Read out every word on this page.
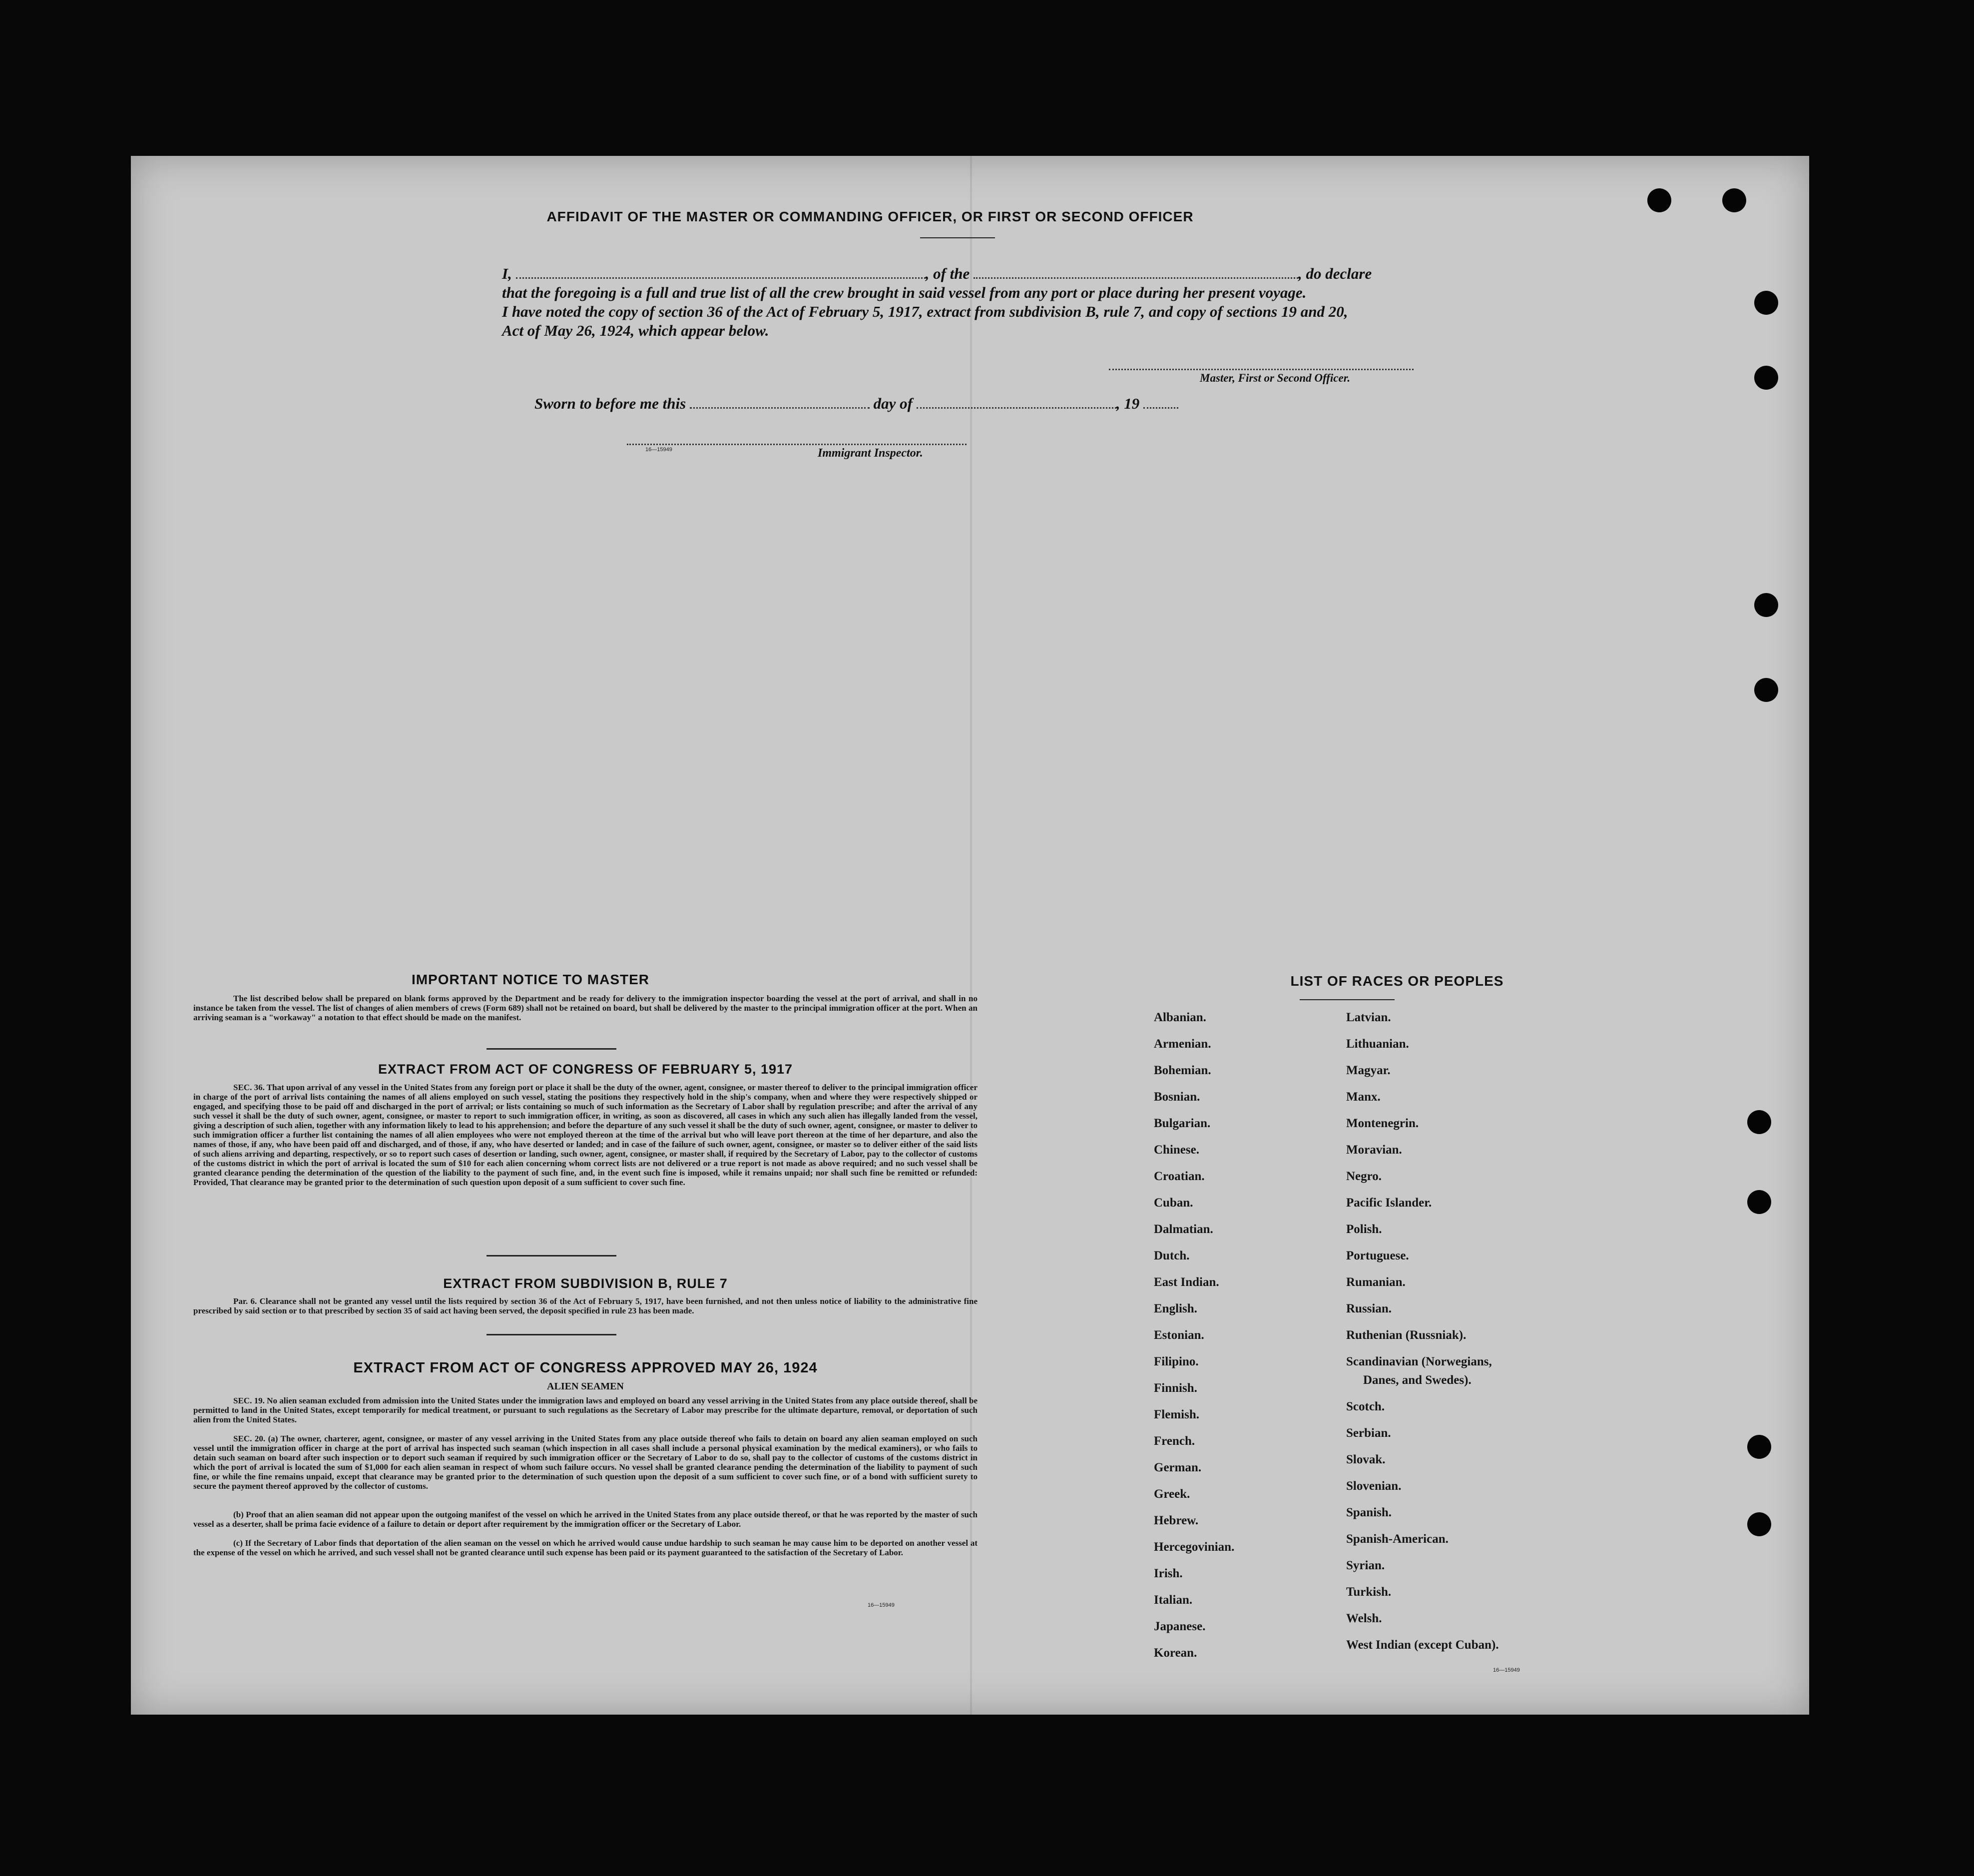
AFFIDAVIT OF THE MASTER OR COMMANDING OFFICER, OR FIRST OR SECOND OFFICER
I,	, of the	, do declare
that the foregoing is a full and true list of all the crew brought in said vessel from any port or place during her present voyage.
I have noted the copy of section 36 of the Act of February 5, 1917, extract from subdivision B, rule 7, and copy of sections 19 and 20,
Act of May 26, 1924, which appear below.
Master, First or Second Officer.
Sworn to before me this	day of	, 19
16—15949	Immigrant Inspector.
IMPORTANT NOTICE TO MASTER
The list described below shall be prepared on blank forms approved by the Department and be ready for delivery to the immigration inspector boarding the vessel at the port of arrival, and shall in no instance be taken from the vessel. The list of changes of alien members of crews (Form 689) shall not be retained on board, but shall be delivered by the master to the principal immigration officer at the port. When an arriving seaman is a "workaway" a notation to that effect should be made on the manifest.
EXTRACT FROM ACT OF CONGRESS OF FEBRUARY 5, 1917
SEC. 36. That upon arrival of any vessel in the United States from any foreign port or place it shall be the duty of the owner, agent, consignee, or master thereof to deliver to the principal immigration officer in charge of the port of arrival lists containing the names of all aliens employed on such vessel, stating the positions they respectively hold in the ship's company, when and where they were respectively shipped or engaged, and specifying those to be paid off and discharged in the port of arrival; or lists containing so much of such information as the Secretary of Labor shall by regulation prescribe; and after the arrival of any such vessel it shall be the duty of such owner, agent, consignee, or master to report to such immigration officer, in writing, as soon as discovered, all cases in which any such alien has illegally landed from the vessel, giving a description of such alien, together with any information likely to lead to his apprehension; and before the departure of any such vessel it shall be the duty of such owner, agent, consignee, or master to deliver to such immigration officer a further list containing the names of all alien employees who were not employed thereon at the time of the arrival but who will leave port thereon at the time of her departure, and also the names of those, if any, who have been paid off and discharged, and of those, if any, who have deserted or landed; and in case of the failure of such owner, agent, consignee, or master so to deliver either of the said lists of such aliens arriving and departing, respectively, or so to report such cases of desertion or landing, such owner, agent, consignee, or master shall, if required by the Secretary of Labor, pay to the collector of customs of the customs district in which the port of arrival is located the sum of $10 for each alien concerning whom correct lists are not delivered or a true report is not made as above required; and no such vessel shall be granted clearance pending the determination of the question of the liability to the payment of such fine, and, in the event such fine is imposed, while it remains unpaid; nor shall such fine be remitted or refunded: Provided, That clearance may be granted prior to the determination of such question upon deposit of a sum sufficient to cover such fine.
EXTRACT FROM SUBDIVISION B, RULE 7
Par. 6. Clearance shall not be granted any vessel until the lists required by section 36 of the Act of February 5, 1917, have been furnished, and not then unless notice of liability to the administrative fine prescribed by said section or to that prescribed by section 35 of said act having been served, the deposit specified in rule 23 has been made.
EXTRACT FROM ACT OF CONGRESS APPROVED MAY 26, 1924
ALIEN SEAMEN
SEC. 19. No alien seaman excluded from admission into the United States under the immigration laws and employed on board any vessel arriving in the United States from any place outside thereof, shall be permitted to land in the United States, except temporarily for medical treatment, or pursuant to such regulations as the Secretary of Labor may prescribe for the ultimate departure, removal, or deportation of such alien from the United States.
SEC. 20. (a) The owner, charterer, agent, consignee, or master of any vessel arriving in the United States from any place outside thereof who fails to detain on board any alien seaman employed on such vessel until the immigration officer in charge at the port of arrival has inspected such seaman (which inspection in all cases shall include a personal physical examination by the medical examiners), or who fails to detain such seaman on board after such inspection or to deport such seaman if required by such immigration officer or the Secretary of Labor to do so, shall pay to the collector of customs of the customs district in which the port of arrival is located the sum of $1,000 for each alien seaman in respect of whom such failure occurs. No vessel shall be granted clearance pending the determination of the liability to payment of such fine, or while the fine remains unpaid, except that clearance may be granted prior to the determination of such question upon the deposit of a sum sufficient to cover such fine, or of a bond with sufficient surety to secure the payment thereof approved by the collector of customs.
(b) Proof that an alien seaman did not appear upon the outgoing manifest of the vessel on which he arrived in the United States from any place outside thereof, or that he was reported by the master of such vessel as a deserter, shall be prima facie evidence of a failure to detain or deport after requirement by the immigration officer or the Secretary of Labor.
(c) If the Secretary of Labor finds that deportation of the alien seaman on the vessel on which he arrived would cause undue hardship to such seaman he may cause him to be deported on another vessel at the expense of the vessel on which he arrived, and such vessel shall not be granted clearance until such expense has been paid or its payment guaranteed to the satisfaction of the Secretary of Labor.
16—15949
LIST OF RACES OR PEOPLES
Albanian.
Armenian.
Bohemian.
Bosnian.
Bulgarian.
Chinese.
Croatian.
Cuban.
Dalmatian.
Dutch.
East Indian.
English.
Estonian.
Filipino.
Finnish.
Flemish.
French.
German.
Greek.
Hebrew.
Hercegovinian.
Irish.
Italian.
Japanese.
Korean.
Latvian.
Lithuanian.
Magyar.
Manx.
Montenegrin.
Moravian.
Negro.
Pacific Islander.
Polish.
Portuguese.
Rumanian.
Russian.
Ruthenian (Russniak).
Scandinavian (Norwegians,
Danes, and Swedes).
Scotch.
Serbian.
Slovak.
Slovenian.
Spanish.
Spanish-American.
Syrian.
Turkish.
Welsh.
West Indian (except Cuban).
16—15949
